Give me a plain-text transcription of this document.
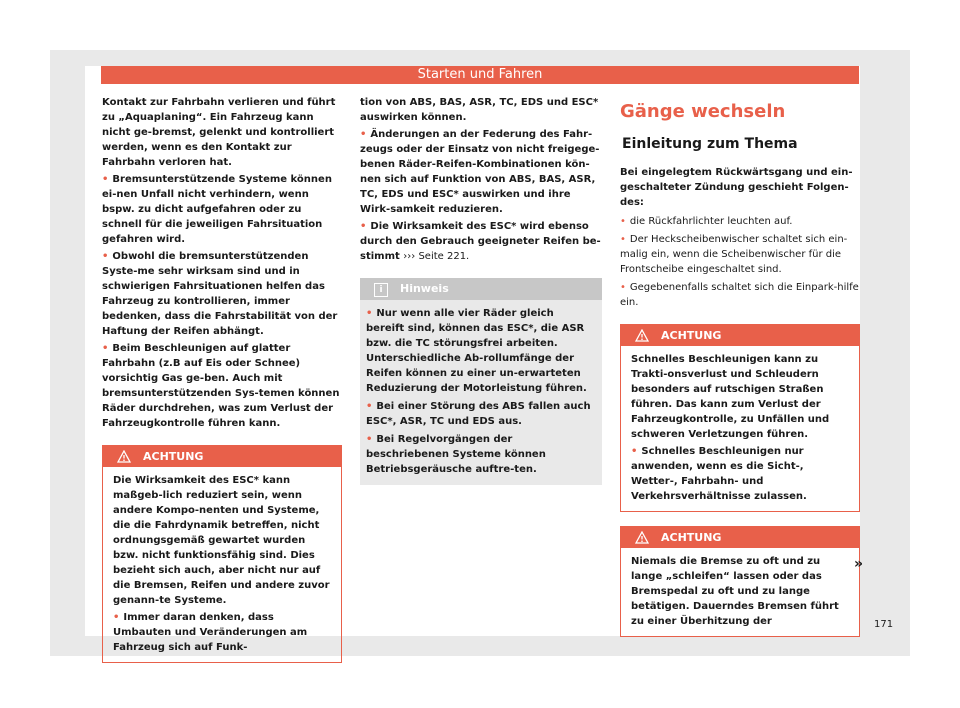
Starten und Fahren

Kontakt zur Fahrbahn verlieren und führt zu „Aquaplaning“. Ein Fahrzeug kann nicht ge-bremst, gelenkt und kontrolliert werden, wenn es den Kontakt zur Fahrbahn verloren hat.

• Bremsunterstützende Systeme können ei-nen Unfall nicht verhindern, wenn bspw. zu dicht aufgefahren oder zu schnell für die jeweiligen Fahrsituation gefahren wird.

• Obwohl die bremsunterstützenden Syste-me sehr wirksam sind und in schwierigen Fahrsituationen helfen das Fahrzeug zu kontrollieren, immer bedenken, dass die Fahrstabilität von der Haftung der Reifen abhängt.

• Beim Beschleunigen auf glatter Fahrbahn (z.B auf Eis oder Schnee) vorsichtig Gas ge-ben. Auch mit bremsunterstützenden Sys-temen können Räder durchdrehen, was zum Verlust der Fahrzeugkontrolle führen kann.

ACHTUNG

Die Wirksamkeit des ESC* kann maßgeb-lich reduziert sein, wenn andere Kompo-nenten und Systeme, die die Fahrdynamik betreffen, nicht ordnungsgemäß gewartet wurden bzw. nicht funktionsfähig sind. Dies bezieht sich auch, aber nicht nur auf die Bremsen, Reifen und andere zuvor genann-te Systeme.

• Immer daran denken, dass Umbauten und Veränderungen am Fahrzeug sich auf Funk-

tion von ABS, BAS, ASR, TC, EDS und ESC* auswirken können.

• Änderungen an der Federung des Fahr-zeugs oder der Einsatz von nicht freigege-benen Räder-Reifen-Kombinationen kön-nen sich auf Funktion von ABS, BAS, ASR, TC, EDS und ESC* auswirken und ihre Wirk-samkeit reduzieren.

• Die Wirksamkeit des ESC* wird ebenso durch den Gebrauch geeigneter Reifen be-stimmt ››› Seite 221.

i	Hinweis

• Nur wenn alle vier Räder gleich bereift sind, können das ESC*, die ASR bzw. die TC störungsfrei arbeiten. Unterschiedliche Ab-rollumfänge der Reifen können zu einer un-erwarteten Reduzierung der Motorleistung führen.

• Bei einer Störung des ABS fallen auch ESC*, ASR, TC und EDS aus.

• Bei Regelvorgängen der beschriebenen Systeme können Betriebsgeräusche auftre-ten.

Gänge wechseln
Einleitung zum Thema

Bei eingelegtem Rückwärtsgang und ein-geschalteter Zündung geschieht Folgen-des:

• die Rückfahrlichter leuchten auf.

• Der Heckscheibenwischer schaltet sich ein-malig ein, wenn die Scheibenwischer für die Frontscheibe eingeschaltet sind.

• Gegebenenfalls schaltet sich die Einpark-hilfe ein.

ACHTUNG

Schnelles Beschleunigen kann zu Trakti-onsverlust und Schleudern besonders auf rutschigen Straßen führen. Das kann zum Verlust der Fahrzeugkontrolle, zu Unfällen und schweren Verletzungen führen.

• Schnelles Beschleunigen nur anwenden, wenn es die Sicht-, Wetter-, Fahrbahn- und Verkehrsverhältnisse zulassen.

ACHTUNG

Niemals die Bremse zu oft und zu lange „schleifen“ lassen oder das Bremspedal zu oft und zu lange betätigen. Dauerndes Bremsen führt zu einer Überhitzung der

»
171
